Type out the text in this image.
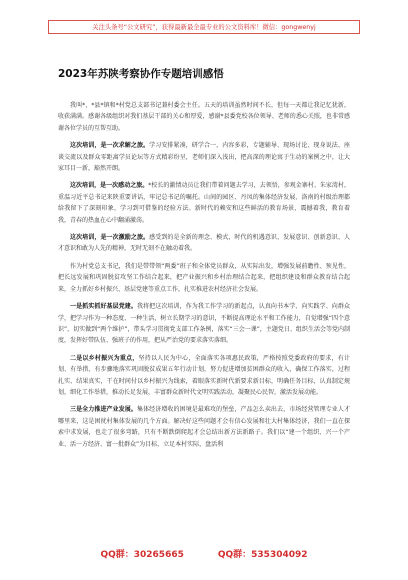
关注头条号“公文研究”，获得最新最全最专业的公文资料库！微信：gongwenyj
2023年苏陕考察协作专题培训感悟

我叫*，*县*镇和*村党总支部书记兼村委会主任。五天的培训虽然时间不长，但每一天都让我记忆犹新，收获满满。感谢各级组织对我们基层干部的关心和厚爱，感谢*县委党校各位领导、老师的悉心关照，也非常感谢各位学员的互帮互助。

这次培训，是一次求解之旅。学习安排紧凑，研学合一，内容多彩，专题辅导、现场讨论、现身说法、座谈交流以及群众零距离学员论坛等方式精彩纷呈，老师们深入浅出，把高深的理论寓于生动的案例之中，让大家耳目一新，豁然开朗。

这次培训，是一次感动之旅。*校长的激情动员让我们带着问题去学习，去领悟，参观金寨村、朱家湾村，重温习近平总书记来陕重要讲话，牢记总书记的嘱托。山间的园区、丹凤的集体经济发展、洛南的村级治理都给我留下了深刻印象，学习到可借鉴的经验方法。新时代的赖安和这些鲜活的教育场景，震撼着我，教育着我，青春的热血在心中翻涌激荡。

这次培训，是一次激励之旅。感受到的是全新的理念、模式，时代的机遇意识、发展意识、创新意识、人才意识和敢为人先的精神，无时无刻不在触动着我。

作为村党总支书记，我们是带带领“两委”班子和全体党员群众，从实际出发，增强发展前瞻性、预见性，把长远发展和巩固脱贫攻坚工作结合起来，把产业振兴和乡村治理结合起来，把组织建设和群众教育结合起来，全力抓好乡村振兴、基层党建等重点工作，扎实推进农村经济社会发展。

一是抓实抓好基层党建。我将把这次培训，作为我工作学习的新起点，认真向书本学、向实践学、向群众学，把学习作为一种态度、一种生活，树立长期学习的意识，不断提高理论水平和工作能力，自觉增强“四个意识”，切实做到“两个维护”，带头学习贯彻党支部工作条例，落实“三会一课”，主题党日、组织生活会等党内制度，发挥好带队伍、强班子的作用，把从严治党的要求落实落细。

二是以乡村振兴为重点，坚持以人民为中心，全面落实各项惠民政策，严格按照党委政府的要求，有计划、有举措、有步骤地落实巩固脱贫成果五年行动计划，努力促进增加贫困群众的收入，确保工作落实，过程扎实、结果真实，干在时间付以乡村振兴为线索，着眼落实新时代新要求新目标，明确任务目标，认真制定规划，细化工作举措，推动长足发展，丰富群众新时代文明实践活动，凝聚民心民智，激活发展动能。

三是全力推进产业发展。集体经济增收的困境是最难攻的堡垒，产品怎么卖出去，市场经营管理专业人才哪里来，这是困扰村集体发展的几个方面。解决好这些问题才会有信心发展和壮大村集体经济，我们一直在探索中求发展，也走了很多弯路，只有不断跌倒爬起才会总结出新方法新路子。我们以“建一个组织、兴一个产业、活一方经济、富一批群众”为目标，立足本村实际，盘活利

QQ群：30265665	QQ群：535304092
